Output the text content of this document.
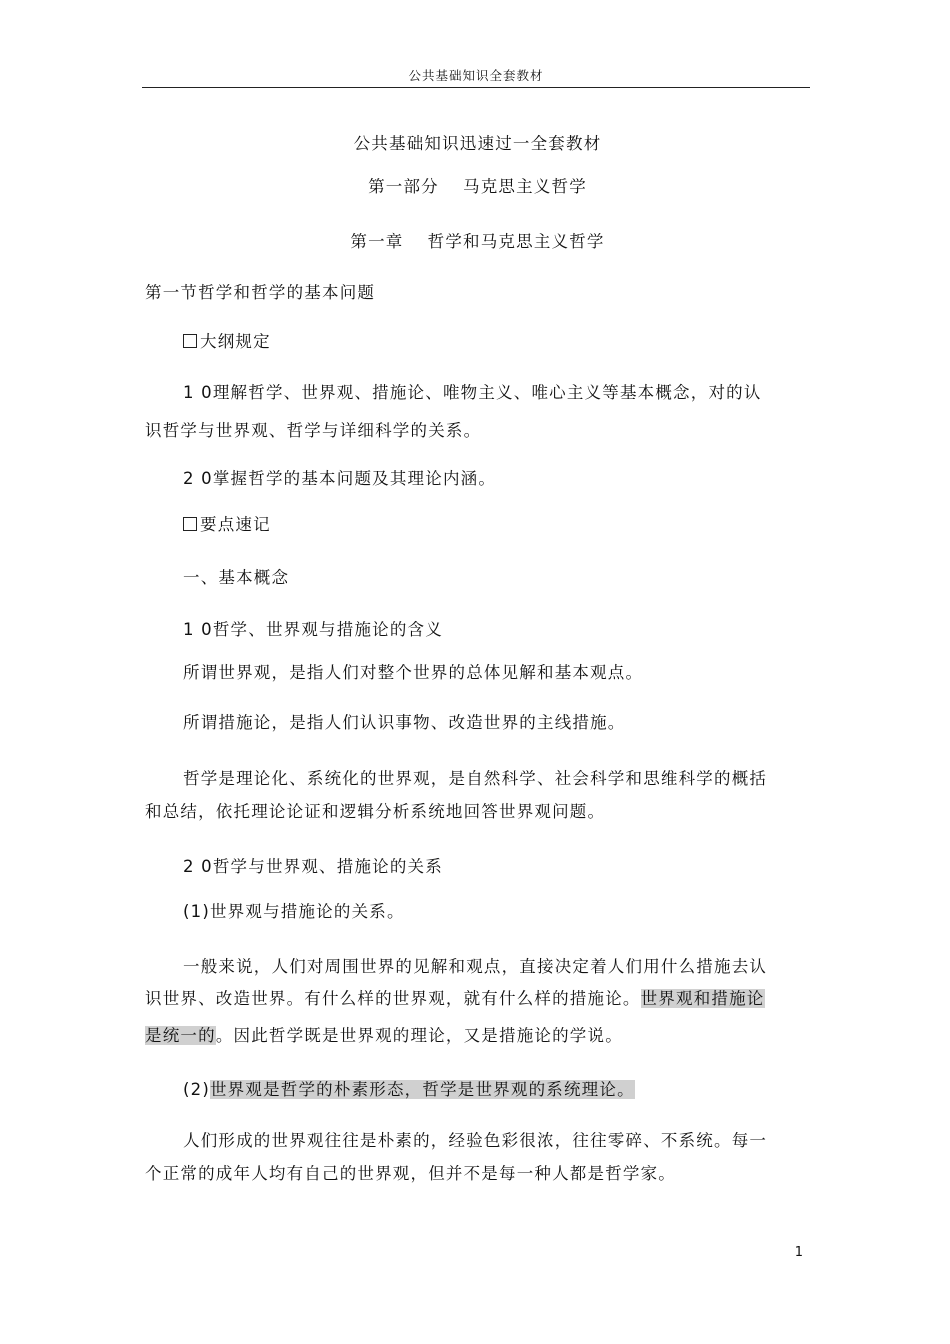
公共基础知识全套教材
公共基础知识迅速过一全套教材
第一部分　 马克思主义哲学
第一章　 哲学和马克思主义哲学
第一节哲学和哲学的基本问题
大纲规定
1 0理解哲学、世界观、措施论、唯物主义、唯心主义等基本概念，对的认
识哲学与世界观、哲学与详细科学的关系。
2 0掌握哲学的基本问题及其理论内涵。
要点速记
一、基本概念
1 0哲学、世界观与措施论的含义
所谓世界观，是指人们对整个世界的总体见解和基本观点。
所谓措施论，是指人们认识事物、改造世界的主线措施。
哲学是理论化、系统化的世界观，是自然科学、社会科学和思维科学的概括
和总结，依托理论论证和逻辑分析系统地回答世界观问题。
2 0哲学与世界观、措施论的关系
(1)世界观与措施论的关系。
一般来说，人们对周围世界的见解和观点，直接决定着人们用什么措施去认
识世界、改造世界。有什么样的世界观，就有什么样的措施论。世界观和措施论
是统一的。因此哲学既是世界观的理论，又是措施论的学说。
(2)世界观是哲学的朴素形态，哲学是世界观的系统理论。
人们形成的世界观往往是朴素的，经验色彩很浓，往往零碎、不系统。每一
个正常的成年人均有自己的世界观，但并不是每一种人都是哲学家。
1
